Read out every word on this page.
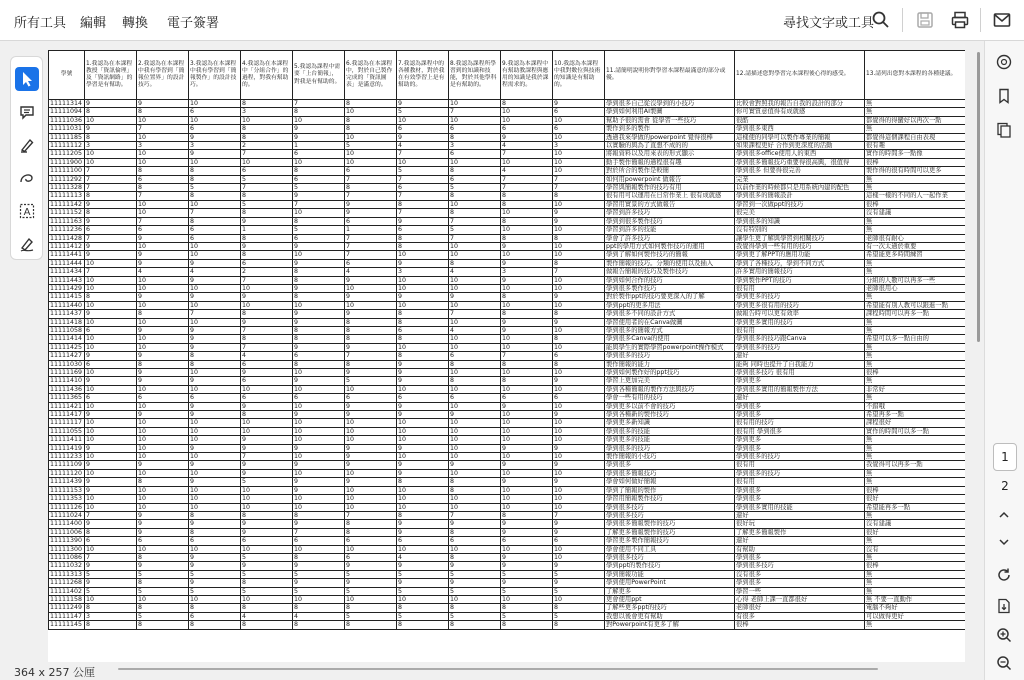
所有工具 編輯 轉換 電子簽署	尋找文字或工具
A
學號	1.我認為在本課程教授「資訊倫理」及「資訊網路」的學習是有幫助。	2.我認為在本課程中我有學習到「簡報位置界」的設計技巧。	3.我認為在本課程中我有學習到「簡報製作」的設計技巧。	4.我認為在本課程中「分組合作」的過程，對我有幫助的。	5.我認為課程中需要「上台簡報」，對我是有幫助的。	6.我認為在本課程中，對於自己製作完成的「資訊圖表」是滿意的。	7.我認為課程中的各種教材，對於我在有效學習上是有幫助的。	8.我認為課程所學習到的知識和技能，對於其他學科是有幫助的。	9.我認為本課程中有幫助教課程與應用的知識是我於課程需求的。	10.我認為本課程中我對數位與技術的知識是有幫助的。	11.請簡明說明你對學習本課程最滿意的部分或優。	12.請描述您對學習完本課程後心得的感受。	13.請列出您對本課程的各種建議。
11111314	9	9	10	8	7	8	9	10	8	9	學到很多自己從沒學到的小技巧	比較會對照我的報告自我的設計的部分	無
11111094	8	8	6	3	8	10	5	7	10	6	學到如何利用AI製圖	你可實質意值得有成就感	無
11111036	10	10	10	10	10	8	10	10	10	10	幫助予很的需會 從學習一些技巧	很酷	都覺得的得蠻好以再次一點
11111031	9	7	6	8	9	8	6	6	6	6	製作到多的製作	學到很多東西	無
11111185	8	10	9	8	9	10	9	8	9	10	透過我來學做的powerpoint 覺得很棒	這樣使的同學可以製作專業的簡報	都覺得這個課程自由表現
11111112	3	3	3	2	1	5	4	3	4	3	以實驗的與為了直想不成的的	如果課程更好 合作到更深度的活動	很有趣
11111205	10	10	9	7	6	10	7	6	7	10	將報資料以及用來表的形式顯示	學到很多office使用人的東西	實作的時間多一點像
11111900	10	10	10	10	10	10	10	10	10	10	動手製作簡報的過程很有趣	學到很多簡報技巧重要得很高興，很值得	很棒
11111100	7	8	8	6	8	6	5	8	4	10	對於所合的製作是較簡	學到很多 但要得很完善	製作得的很有時間可以更多
11111292	7	6	8	5	6	7	7	6	7	7	如何用powerpoint 做報告	完業	無
11111328	7	8	5	7	5	8	6	5	7	7	學習與簡報製作的技巧有用	以前作業的時候都只是用系統內建的配色	無
11111113	8	7	8	8	9	7	7	8	8	8	很有用可以運用在日常作業上 很有成就感	學到很多的簡報設計	這樣一樣的不同的人一起作業
11111142	9	10	10	5	7	9	8	10	8	10	學習用實景的方式做報告	學習到一次做ppt的技巧	很棒
11111152	8	10	7	8	10	9	7	8	10	9	學習到許多技巧	很完美	沒有建議
11111163	9	7	8	9	8	6	9	7	8	9	學到到很多製作技巧	學到很多的知識	無
11111236	6	6	6	1	5	1	6	5	10	10	學習到許多的技能	沒有特別的	無
11111428	7	9	6	8	6	7	8	7	8	8	學會了許多技巧	讓學生更了解與學習到相關技巧	老師很有耐心
11111412	9	10	10	9	9	7	8	10	9	10	ppt的學用方式如何製作技巧的運用	我覺得學到一些有用的技巧	有一次太過於重要
11111441	9	9	10	8	10	7	10	10	10	10	學到了解如何製作技巧的簡報	學到更了解PPT的應用功能	希望能更多時間練習
11111444	10	9	9	6	9	6	9	8	9	8	製作簡報的技巧。分類的使用以及插入	學到了各種技巧，學到不同方式	無
11111434	7	4	4	2	8	4	3	4	3	7	做報告簡報的技巧及製作技巧	許多實用的簡報技巧	無
11111443	10	10	9	7	8	9	10	10	9	10	學到如何合作的技巧	學到製作PPT的技巧	分組的人數可以再多一些
11111429	10	10	10	10	9	10	10	10	10	10	學到很多製作技巧	很有用	老師很用心
11111415	8	9	9	9	8	9	9	9	8	9	對於製作ppt的技巧要更深入的了解	學到更多的技巧	無
11111440	10	10	10	10	10	10	10	10	10	10	學到ppt的更多用法	學到更多很有用的技巧	希望能有別人教可以跟進一點
11111437	9	8	7	8	9	9	8	7	8	8	學到很多不同的設計方式	做報告時可以更有效率	課程時間可以再多一點
11111418	10	10	10	9	9	8	8	10	9	9	學習使用者的在Canva做圖	學到更多實用的技巧	無
11111058	6	9	9	7	8	8	6	4	9	10	學到很多的簡報方式	很有用	無
11111414	10	10	9	8	8	8	8	10	10	8	學到很多Canva的使用	學到很多的技巧跟Canva	希望可以多一點自由的
11111425	10	10	9	7	9	9	10	10	10	10	能與學生的實際學習powerpoint操作模式	學到很多的技巧	無
11111427	9	9	8	4	6	7	8	6	7	6	學到很多的技巧	還好	無
11111030	6	8	8	6	8	8	9	8	8	8	製作簡報的能力	能夠 同時也提升了自我能力	無
11111169	10	9	10	9	10	9	9	10	10	10	學到如何製作好的ppt技巧	學到很多技巧 很有用	很棒
11111410	9	9	9	6	9	5	9	8	8	9	學習上更加完美	學到更多	無
11111436	10	10	10	10	10	10	10	10	10	10	學到各種簡報的製作方法與技巧	學到很多實用的簡報製作方法	非常好
11111365	6	6	6	6	6	6	6	6	6	6	學會一些有用的技巧	還好	無
11111421	10	10	9	9	10	9	9	10	9	10	學到更多以前不會的技巧	學到很多	不錯哦
11111417	9	9	9	8	9	9	9	9	10	9	學到各種新的製作技巧	學到很多	希望再多一點
11111117	10	10	10	10	10	10	10	10	10	10	學到更多新知識	很有用的技巧	課程很好
11111055	10	10	10	10	10	10	10	10	10	10	學到很多的技能	很有用 學到很多	實作的時間可以多一點
11111411	10	10	10	9	10	10	10	10	10	10	學到更多的技能	學到更多	無
11111419	9	10	9	9	9	9	9	10	9	9	學到很多的技巧	學到很多	無
11111233	10	10	10	7	10	9	10	10	10	10	製作簡報的小技巧	學到很多的技巧	無
11111109	9	9	9	9	9	9	9	9	9	9	學到很多	很有用	我覺得可以再多一點
11111120	10	10	10	9	10	10	9	10	10	10	學到很多簡報技巧	學到很多的技巧	無
11111439	9	8	9	5	9	9	8	8	9	9	學會如何做好簡報	很有用	無
11111153	9	10	10	10	9	10	10	8	10	10	學到了簡報的製作	學到很多	很棒
11111353	10	10	10	10	10	10	10	10	10	10	學習用簡報製作技巧	學到很多	很好
11111126	10	10	10	10	10	10	10	10	10	10	學到很多技巧	學到很多實用的技能	希望能再多一點
11111024	7	9	8	8	8	7	8	7	8	7	學到很多技巧	還好	無
11111400	9	9	9	9	9	8	9	9	9	9	學到很多簡報製作的技巧	很好玩	沒有建議
11111006	8	9	8	9	7	8	9	8	9	9	了解更多簡報製作的技巧	了解更多簡報製作	很好
11111390	6	6	6	6	6	6	6	6	6	6	學習更多製作簡報技巧	還好	無
11111300	10	10	10	10	10	10	10	10	10	10	學會使用不同工具	有幫助	沒有
11111086	7	8	9	5	8	6	4	8	9	10	學到很多技巧	學到很多	無
11111032	9	9	9	9	9	9	9	9	9	9	學到ppt的製作技巧	學到很多技巧	很棒
11111313	5	5	5	5	5	5	5	5	5	5	學到簡報功能	沒有很多	無
11111268	9	8	9	8	9	9	9	9	9	9	學到使用PowerPoint	學到很多	無
11111402	5	5	5	5	5	5	5	5	5	5	了解更多	學習一些	無
11111158	10	10	10	10	10	10	10	10	10	10	更會使用ppt	心得 老師上課一直都很好	無 不要一直動作
11111249	8	8	8	8	8	8	8	8	8	8	了解些更多ppt的技巧	老師很好	電腦不夠好
11111147	3	5	6	4	4	5	5	5	5	5	我想以後會更有幫助	有很多	可以做得更好
11111145	8	8	8	8	8	8	8	8	8	8	對Powerpoint有更多了解	很棒	無
364 x 257 公厘
1
2
